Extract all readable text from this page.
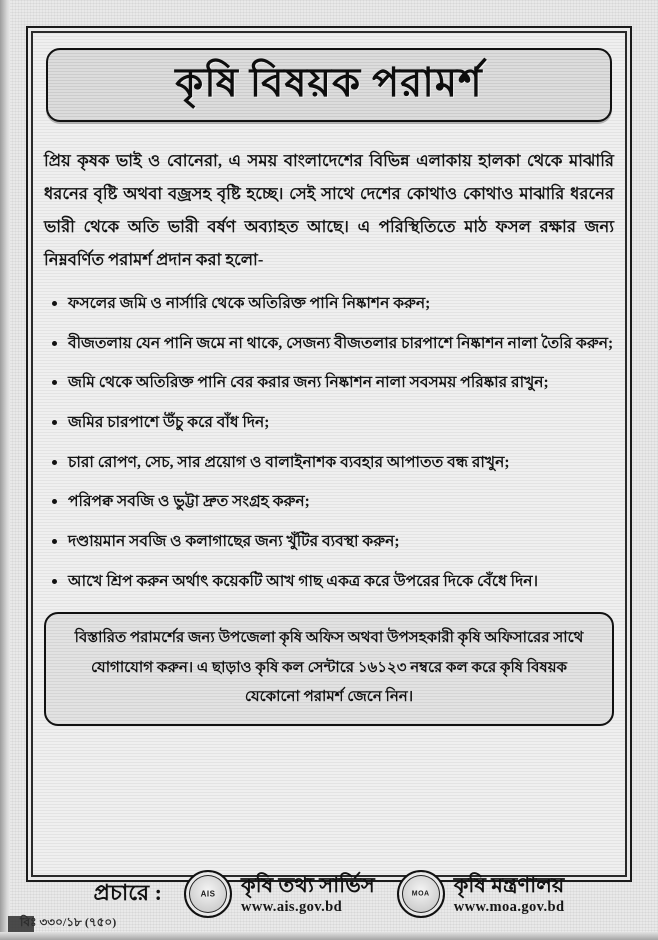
কৃষি বিষয়ক পরামর্শ

প্রিয় কৃষক ভাই ও বোনেরা, এ সময় বাংলাদেশের বিভিন্ন এলাকায় হালকা থেকে মাঝারি ধরনের বৃষ্টি অথবা বজ্রসহ বৃষ্টি হচ্ছে। সেই সাথে দেশের কোথাও কোথাও মাঝারি ধরনের ভারী থেকে অতি ভারী বর্ষণ অব্যাহত আছে। এ পরিস্থিতিতে মাঠ ফসল রক্ষার জন্য নিম্নবর্ণিত পরামর্শ প্রদান করা হলো-

ফসলের জমি ও নার্সারি থেকে অতিরিক্ত পানি নিষ্কাশন করুন;
বীজতলায় যেন পানি জমে না থাকে, সেজন্য বীজতলার চারপাশে নিষ্কাশন নালা তৈরি করুন;
জমি থেকে অতিরিক্ত পানি বের করার জন্য নিষ্কাশন নালা সবসময় পরিষ্কার রাখুন;
জমির চারপাশে উঁচু করে বাঁধ দিন;
চারা রোপণ, সেচ, সার প্রয়োগ ও বালাইনাশক ব্যবহার আপাতত বন্ধ রাখুন;
পরিপক্ব সবজি ও ভুট্টা দ্রুত সংগ্রহ করুন;
দণ্ডায়মান সবজি ও কলাগাছের জন্য খুঁটির ব্যবস্থা করুন;
আখে শ্রিপ করুন অর্থাৎ কয়েকটি আখ গাছ একত্র করে উপরের দিকে বেঁধে দিন।
বিস্তারিত পরামর্শের জন্য উপজেলা কৃষি অফিস অথবা উপসহকারী কৃষি অফিসারের সাথে যোগাযোগ করুন। এ ছাড়াও কৃষি কল সেন্টারে ১৬১২৩ নম্বরে কল করে কৃষি বিষয়ক যেকোনো পরামর্শ জেনে নিন।
প্রচারে :	AIS	কৃষি তথ্য সার্ভিস
www.ais.gov.bd
MOA	কৃষি মন্ত্রণালয়
www.moa.gov.bd
বিঃ ৩৩০/১৮ (৭৫০)
